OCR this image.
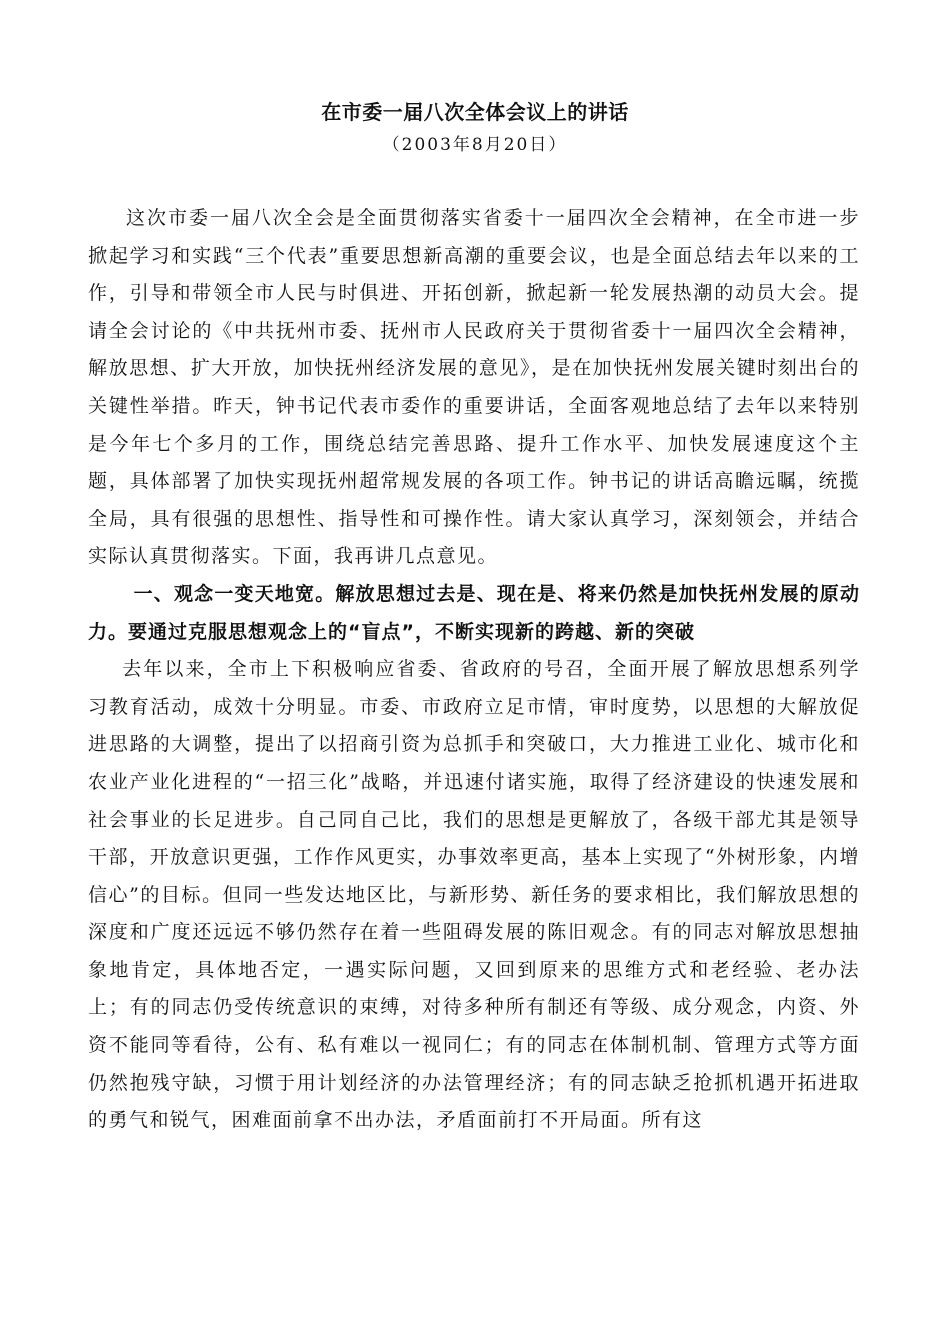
在市委一届八次全体会议上的讲话
（2003年8月20日）

这次市委一届八次全会是全面贯彻落实省委十一届四次全会精神，在全市进一步掀起学习和实践“三个代表”重要思想新高潮的重要会议，也是全面总结去年以来的工作，引导和带领全市人民与时俱进、开拓创新，掀起新一轮发展热潮的动员大会。提请全会讨论的《中共抚州市委、抚州市人民政府关于贯彻省委十一届四次全会精神，解放思想、扩大开放，加快抚州经济发展的意见》，是在加快抚州发展关键时刻出台的关键性举措。昨天，钟书记代表市委作的重要讲话，全面客观地总结了去年以来特别是今年七个多月的工作，围绕总结完善思路、提升工作水平、加快发展速度这个主题，具体部署了加快实现抚州超常规发展的各项工作。钟书记的讲话高瞻远瞩，统揽全局，具有很强的思想性、指导性和可操作性。请大家认真学习，深刻领会，并结合实际认真贯彻落实。下面，我再讲几点意见。

一、观念一变天地宽。解放思想过去是、现在是、将来仍然是加快抚州发展的原动力。要通过克服思想观念上的“盲点”，不断实现新的跨越、新的突破

去年以来，全市上下积极响应省委、省政府的号召，全面开展了解放思想系列学习教育活动，成效十分明显。市委、市政府立足市情，审时度势，以思想的大解放促进思路的大调整，提出了以招商引资为总抓手和突破口，大力推进工业化、城市化和农业产业化进程的“一招三化”战略，并迅速付诸实施，取得了经济建设的快速发展和社会事业的长足进步。自己同自己比，我们的思想是更解放了，各级干部尤其是领导干部，开放意识更强，工作作风更实，办事效率更高，基本上实现了“外树形象，内增信心”的目标。但同一些发达地区比，与新形势、新任务的要求相比，我们解放思想的深度和广度还远远不够仍然存在着一些阻碍发展的陈旧观念。有的同志对解放思想抽象地肯定，具体地否定，一遇实际问题，又回到原来的思维方式和老经验、老办法上；有的同志仍受传统意识的束缚，对待多种所有制还有等级、成分观念，内资、外资不能同等看待，公有、私有难以一视同仁；有的同志在体制机制、管理方式等方面仍然抱残守缺，习惯于用计划经济的办法管理经济；有的同志缺乏抢抓机遇开拓进取的勇气和锐气，困难面前拿不出办法，矛盾面前打不开局面。所有这
